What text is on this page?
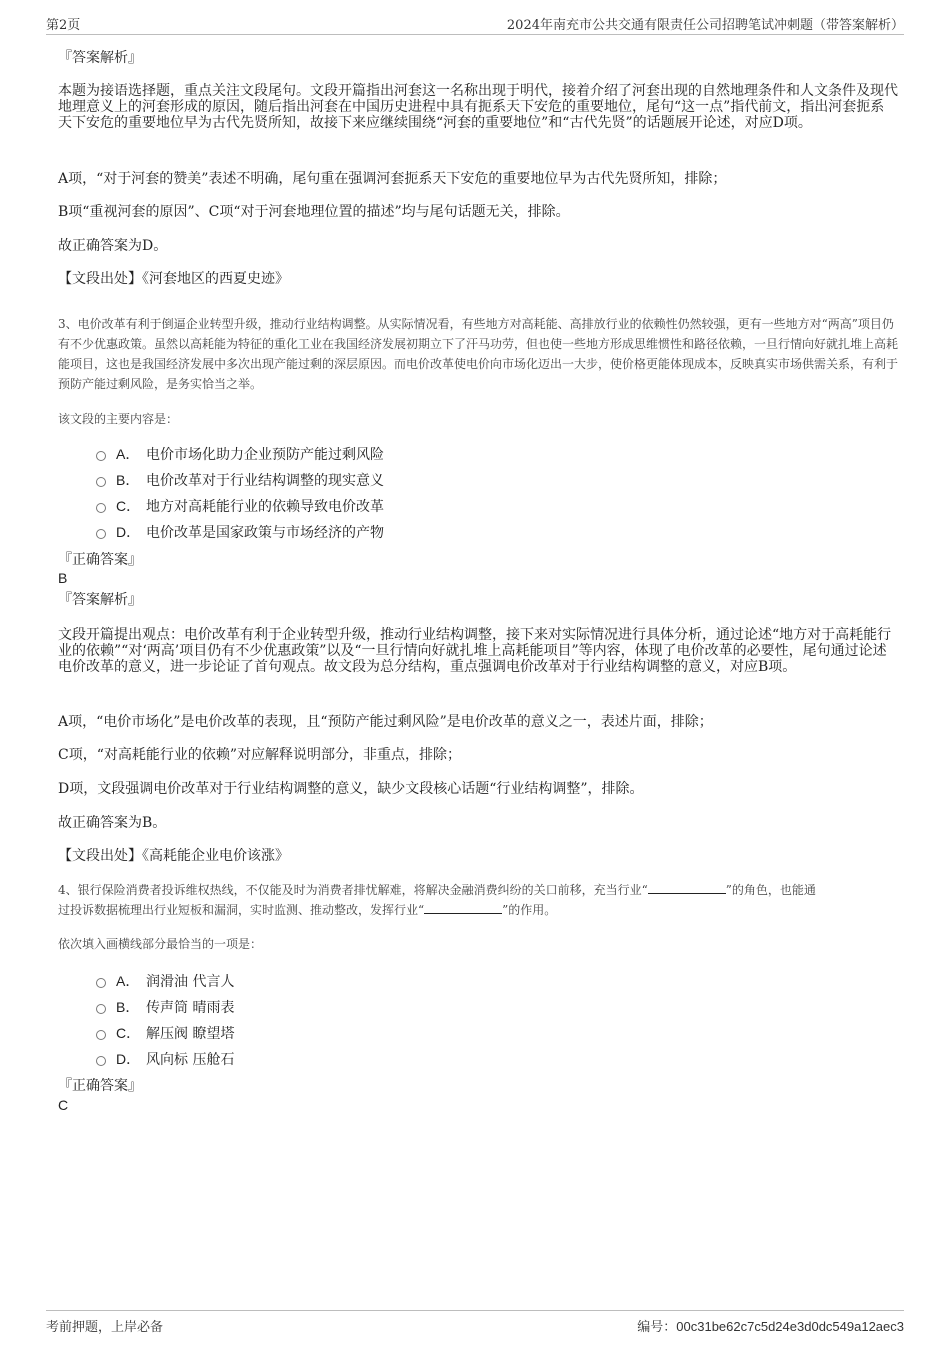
第2页	2024年南充市公共交通有限责任公司招聘笔试冲刺题（带答案解析）
『答案解析』
本题为接语选择题，重点关注文段尾句。文段开篇指出河套这一名称出现于明代，接着介绍了河套出现的自然地理条件和人文条件及现代地理意义上的河套形成的原因，随后指出河套在中国历史进程中具有扼系天下安危的重要地位，尾句“这一点”指代前文，指出河套扼系天下安危的重要地位早为古代先贤所知，故接下来应继续围绕“河套的重要地位”和“古代先贤”的话题展开论述，对应D项。
A项，“对于河套的赞美”表述不明确，尾句重在强调河套扼系天下安危的重要地位早为古代先贤所知，排除；
B项“重视河套的原因”、C项“对于河套地理位置的描述”均与尾句话题无关，排除。
故正确答案为D。
【文段出处】《河套地区的西夏史迹》
3、电价改革有利于倒逼企业转型升级，推动行业结构调整。从实际情况看，有些地方对高耗能、高排放行业的依赖性仍然较强，更有一些地方对“两高”项目仍有不少优惠政策。虽然以高耗能为特征的重化工业在我国经济发展初期立下了汗马功劳，但也使一些地方形成思维惯性和路径依赖，一旦行情向好就扎堆上高耗能项目，这也是我国经济发展中多次出现产能过剩的深层原因。而电价改革使电价向市场化迈出一大步，使价格更能体现成本，反映真实市场供需关系，有利于预防产能过剩风险，是务实恰当之举。
该文段的主要内容是：
A． 电价市场化助力企业预防产能过剩风险
B． 电价改革对于行业结构调整的现实意义
C． 地方对高耗能行业的依赖导致电价改革
D． 电价改革是国家政策与市场经济的产物
『正确答案』
B
『答案解析』
文段开篇提出观点：电价改革有利于企业转型升级，推动行业结构调整，接下来对实际情况进行具体分析，通过论述“地方对于高耗能行业的依赖”“对‘两高’项目仍有不少优惠政策”以及“一旦行情向好就扎堆上高耗能项目”等内容，体现了电价改革的必要性，尾句通过论述电价改革的意义，进一步论证了首句观点。故文段为总分结构，重点强调电价改革对于行业结构调整的意义，对应B项。
A项，“电价市场化”是电价改革的表现，且“预防产能过剩风险”是电价改革的意义之一，表述片面，排除；
C项，“对高耗能行业的依赖”对应解释说明部分，非重点，排除；
D项，文段强调电价改革对于行业结构调整的意义，缺少文段核心话题“行业结构调整”，排除。
故正确答案为B。
【文段出处】《高耗能企业电价该涨》
4、银行保险消费者投诉维权热线，不仅能及时为消费者排忧解难，将解决金融消费纠纷的关口前移，充当行业“	”的角色，也能通
过投诉数据梳理出行业短板和漏洞，实时监测、推动整改，发挥行业“	”的作用。
依次填入画横线部分最恰当的一项是：
A． 润滑油 代言人
B． 传声筒 晴雨表
C． 解压阀 瞭望塔
D． 风向标 压舱石
『正确答案』
C
考前押题，上岸必备	编号：00c31be62c7c5d24e3d0dc549a12aec3
